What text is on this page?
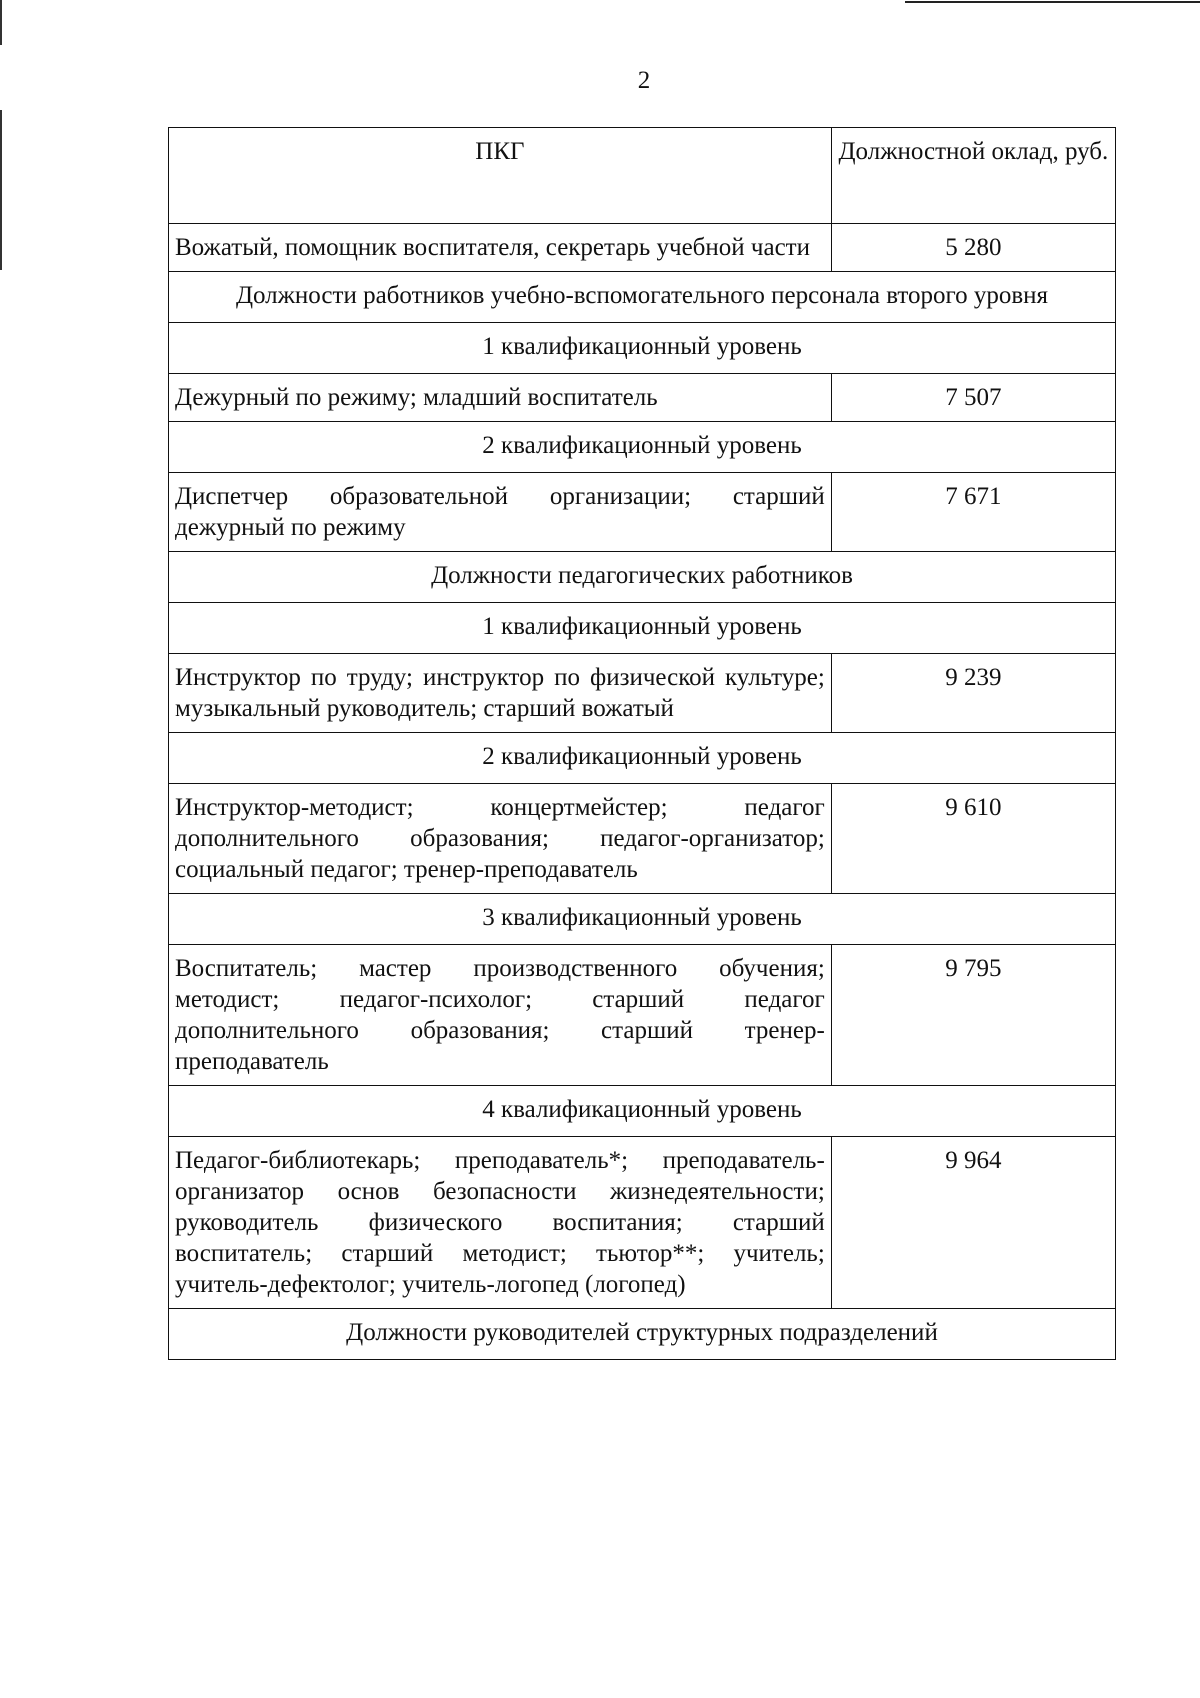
2
ПКГ	Должностной оклад, руб.
Вожатый, помощник воспитателя, секретарь учебной части	5 280
Должности работников учебно-вспомогательного персонала второго уровня	
1 квалификационный уровень	
Дежурный по режиму; младший воспитатель	7 507
2 квалификационный уровень	
Диспетчер образовательной организации; старший дежурный по режиму	7 671
Должности педагогических работников	
1 квалификационный уровень	
Инструктор по труду; инструктор по физической культуре; музыкальный руководитель; старший вожатый	9 239
2 квалификационный уровень	
Инструктор-методист; концертмейстер; педагог дополнительного образования; педагог-организатор; социальный педагог; тренер-преподаватель	9 610
3 квалификационный уровень	
Воспитатель; мастер производственного обучения; методист; педагог-психолог; старший педагог дополнительного образования; старший тренер-преподаватель	9 795
4 квалификационный уровень	
Педагог-библиотекарь; преподаватель*; преподаватель-организатор основ безопасности жизнедеятельности; руководитель физического воспитания; старший воспитатель; старший методист; тьютор**; учитель; учитель-дефектолог; учитель-логопед (логопед)	9 964
Должности руководителей структурных подразделений	
